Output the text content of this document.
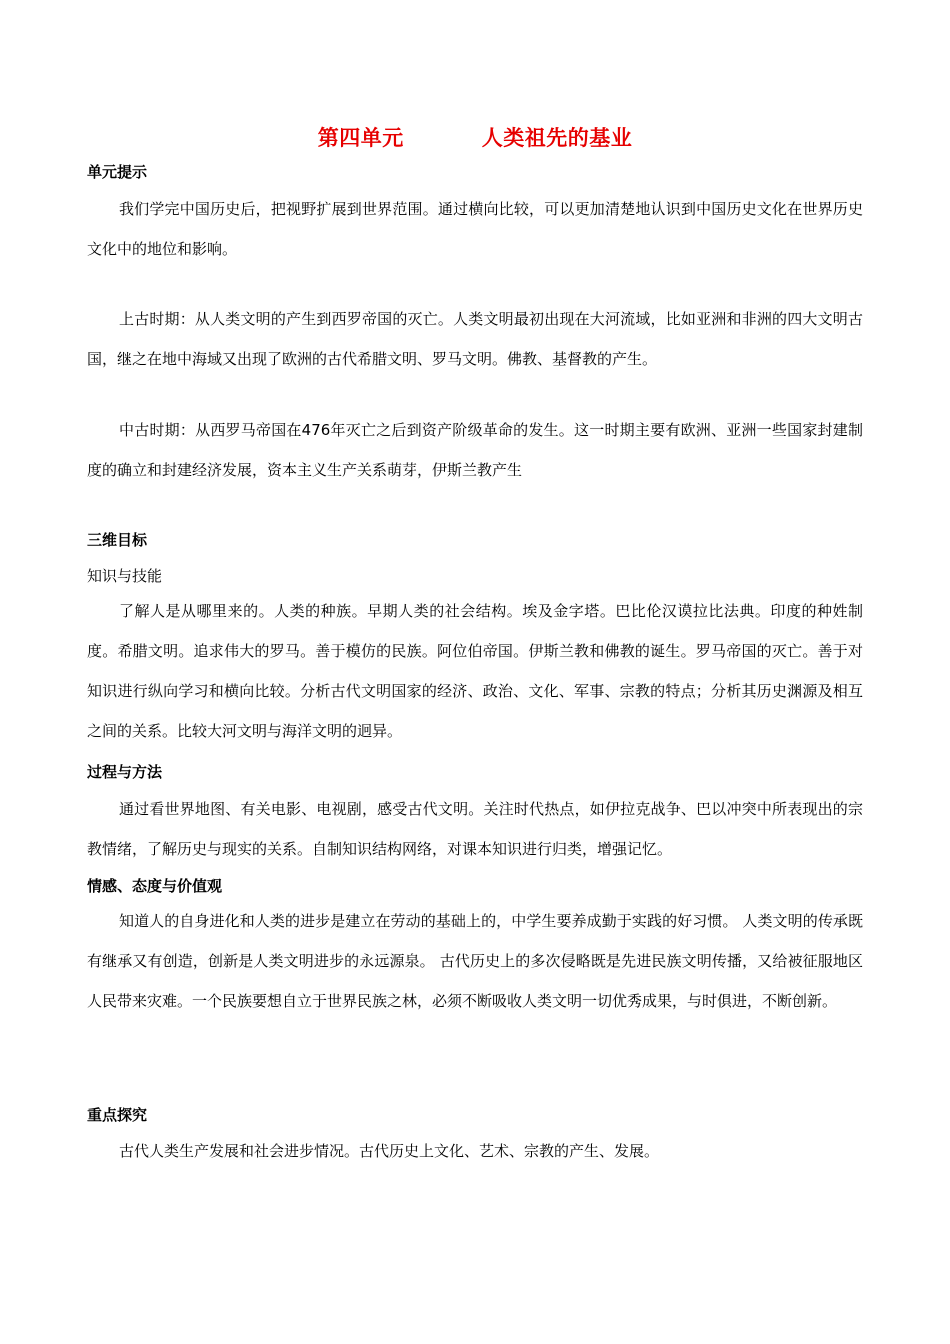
第四单元	人类祖先的基业
单元提示

我们学完中国历史后，把视野扩展到世界范围。通过横向比较，可以更加清楚地认识到中国历史文化在世界历史文化中的地位和影响。

上古时期：从人类文明的产生到西罗帝国的灭亡。人类文明最初出现在大河流域，比如亚洲和非洲的四大文明古国，继之在地中海域又出现了欧洲的古代希腊文明、罗马文明。佛教、基督教的产生。

中古时期：从西罗马帝国在476年灭亡之后到资产阶级革命的发生。这一时期主要有欧洲、亚洲一些国家封建制度的确立和封建经济发展，资本主义生产关系萌芽，伊斯兰教产生

三维目标
知识与技能

了解人是从哪里来的。人类的种族。早期人类的社会结构。埃及金字塔。巴比伦汉谟拉比法典。印度的种姓制度。希腊文明。追求伟大的罗马。善于模仿的民族。阿位伯帝国。伊斯兰教和佛教的诞生。罗马帝国的灭亡。善于对知识进行纵向学习和横向比较。分析古代文明国家的经济、政治、文化、军事、宗教的特点；分析其历史渊源及相互之间的关系。比较大河文明与海洋文明的迥异。

过程与方法

通过看世界地图、有关电影、电视剧，感受古代文明。关注时代热点，如伊拉克战争、巴以冲突中所表现出的宗教情绪，了解历史与现实的关系。自制知识结构网络，对课本知识进行归类，增强记忆。

情感、态度与价值观

知道人的自身进化和人类的进步是建立在劳动的基础上的，中学生要养成勤于实践的好习惯。 人类文明的传承既有继承又有创造，创新是人类文明进步的永远源泉。 古代历史上的多次侵略既是先进民族文明传播，又给被征服地区人民带来灾难。一个民族要想自立于世界民族之林，必须不断吸收人类文明一切优秀成果，与时俱进，不断创新。

重点探究

古代人类生产发展和社会进步情况。古代历史上文化、艺术、宗教的产生、发展。
